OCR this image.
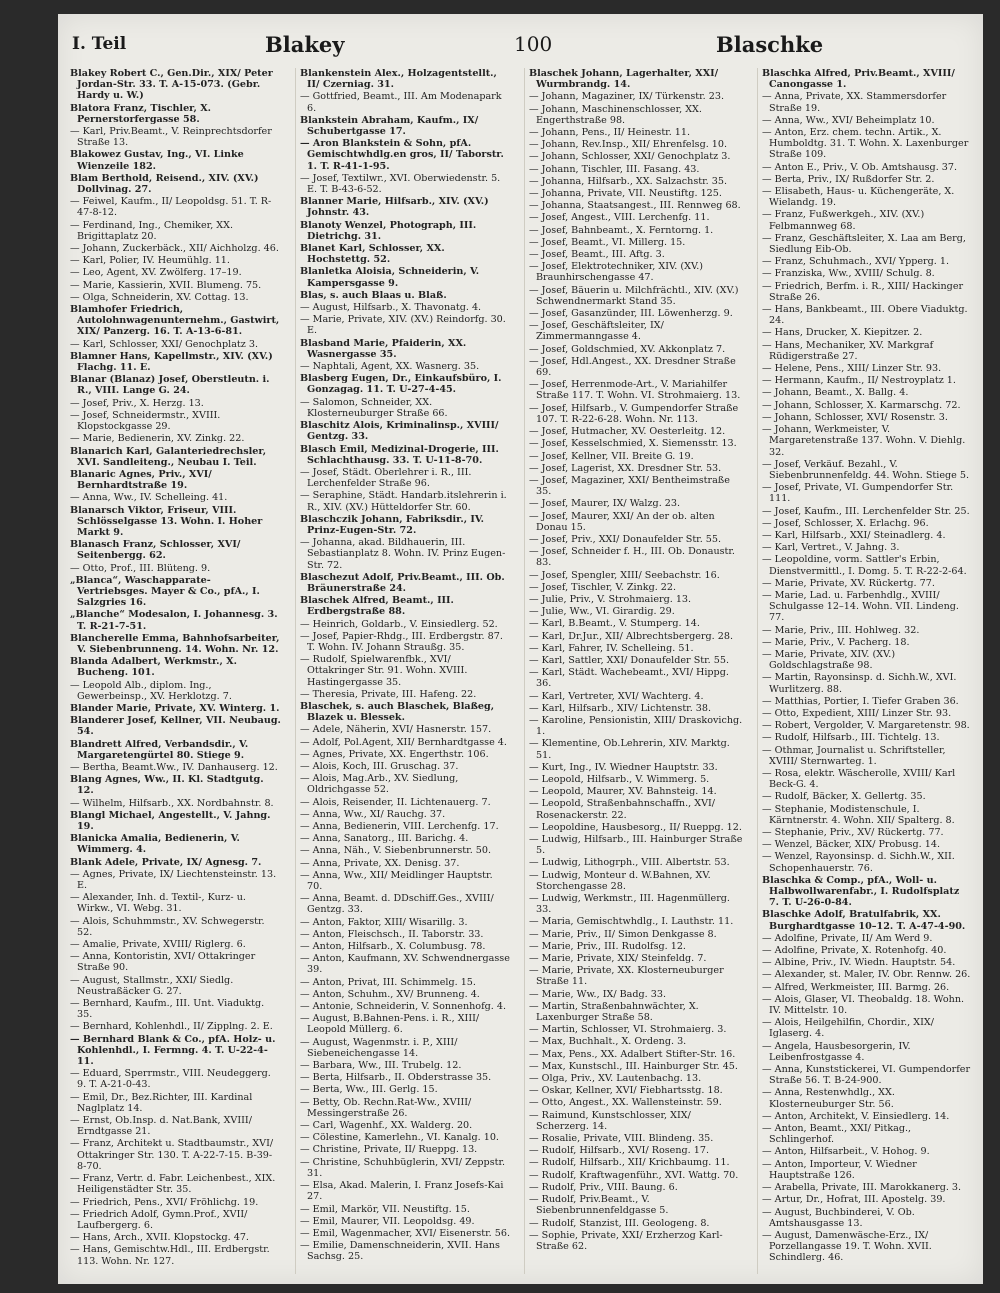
I. Teil	Blakey	100	Blaschke
Blakey Robert C., Gen.Dir., XIX/ Peter Jordan-Str. 33. T. A-15-073. (Gebr. Hardy u. W.)
Blatora Franz, Tischler, X. Pernerstorfergasse 58.
— Karl, Priv.Beamt., V. Reinprechtsdorfer Straße 13.
Blakowez Gustav, Ing., VI. Linke Wienzeile 182.
Blam Berthold, Reisend., XIV. (XV.) Dollvinag. 27.
— Feiwel, Kaufm., II/ Leopoldsg. 51. T. R-47-8-12.
— Ferdinand, Ing., Chemiker, XX. Brigittaplatz 20.
— Johann, Zuckerbäck., XII/ Aichholzg. 46.
— Karl, Polier, IV. Heumühlg. 11.
— Leo, Agent, XV. Zwölferg. 17–19.
— Marie, Kassierin, XVII. Blumeng. 75.
— Olga, Schneiderin, XV. Cottag. 13.
Blamhofer Friedrich, Autolohnwagenunternehm., Gastwirt, XIX/ Panzerg. 16. T. A-13-6-81.
— Karl, Schlosser, XXI/ Genochplatz 3.
Blamner Hans, Kapellmstr., XIV. (XV.) Flachg. 11. E.
Blanar (Blanaz) Josef, Oberstleutn. i. R., VIII. Lange G. 24.
— Josef, Priv., X. Herzg. 13.
— Josef, Schneidermstr., XVIII. Klopstockgasse 29.
— Marie, Bedienerin, XV. Zinkg. 22.
Blanarich Karl, Galanteriedrechsler, XVI. Sandleiteng., Neubau I. Teil.
Blanaric Agnes, Priv., XVI/ Bernhardtstraße 19.
— Anna, Ww., IV. Schelleing. 41.
Blanarsch Viktor, Friseur, VIII. Schlösselgasse 13. Wohn. I. Hoher Markt 9.
Blanasch Franz, Schlosser, XVI/ Seitenbergg. 62.
— Otto, Prof., III. Blüteng. 9.
„Blanca“, Waschapparate- Vertriebsges. Mayer & Co., pfA., I. Salzgries 16.
„Blanche“ Modesalon, I. Johannesg. 3. T. R-21-7-51.
Blancherelle Emma, Bahnhofsarbeiter, V. Siebenbrunneng. 14. Wohn. Nr. 12.
Blanda Adalbert, Werkmstr., X. Bucheng. 101.
— Leopold Alb., diplom. Ing., Gewerbeinsp., XV. Herklotzg. 7.
Blander Marie, Private, XV. Winterg. 1.
Blanderer Josef, Kellner, VII. Neubaug. 54.
Blandrett Alfred, Verbandsdir., V. Margaretengürtel 80. Stiege 9.
— Bertha, Beamt.Ww., IV. Danhauserg. 12.
Blang Agnes, Ww., II. Kl. Stadtgutg. 12.
— Wilhelm, Hilfsarb., XX. Nordbahnstr. 8.
Blangl Michael, Angestellt., V. Jahng. 19.
Blanicka Amalia, Bedienerin, V. Wimmerg. 4.
Blank Adele, Private, IX/ Agnesg. 7.
— Agnes, Private, IX/ Liechtensteinstr. 13. E.
— Alexander, Inh. d. Textil-, Kurz- u. Wirkw., VI. Webg. 31.
— Alois, Schuhmmstr., XV. Schwegerstr. 52.
— Amalie, Private, XVIII/ Riglerg. 6.
— Anna, Kontoristin, XVI/ Ottakringer Straße 90.
— August, Stallmstr., XXI/ Siedlg. Neustraßäcker G. 27.
— Bernhard, Kaufm., III. Unt. Viaduktg. 35.
— Bernhard, Kohlenhdl., II/ Zipplng. 2. E.
— Bernhard Blank & Co., pfA. Holz- u. Kohlenhdl., I. Fermng. 4. T. U-22-4-11.
— Eduard, Sperrmstr., VIII. Neudeggerg. 9. T. A-21-0-43.
— Emil, Dr., Bez.Richter, III. Kardinal Naglplatz 14.
— Ernst, Ob.Insp. d. Nat.Bank, XVIII/ Erndtgasse 21.
— Franz, Architekt u. Stadtbaumstr., XVI/ Ottakringer Str. 130. T. A-22-7-15. B-39-8-70.
— Franz, Vertr. d. Fabr. Leichenbest., XIX. Heiligenstädter Str. 35.
— Friedrich, Pens., XVI/ Fröhlichg. 19.
— Friedrich Adolf, Gymn.Prof., XVII/ Laufbergerg. 6.
— Hans, Arch., XVII. Klopstockg. 47.
— Hans, Gemischtw.Hdl., III. Erdbergstr. 113. Wohn. Nr. 127.
Blankenstein Alex., Holzagentstellt., II/ Czerniag. 31.
— Gottfried, Beamt., III. Am Modenapark 6.
Blankstein Abraham, Kaufm., IX/ Schubertgasse 17.
— Aron Blankstein & Sohn, pfA. Gemischtwhdlg.en gros, II/ Taborstr. 1. T. R-41-1-95.
— Josef, Textilwr., XVI. Oberwiedenstr. 5. E. T. B-43-6-52.
Blanner Marie, Hilfsarb., XIV. (XV.) Johnstr. 43.
Blanoty Wenzel, Photograph, III. Dietrichg. 31.
Blanet Karl, Schlosser, XX. Hochstettg. 52.
Blanletka Aloisia, Schneiderin, V. Kampersgasse 9.
Blas, s. auch Blaas u. Blaß.
— August, Hilfsarb., X. Thavonatg. 4.
— Marie, Private, XIV. (XV.) Reindorfg. 30. E.
Blasband Marie, Pfaiderin, XX. Wasnergasse 35.
— Naphtali, Agent, XX. Wasnerg. 35.
Blasberg Eugen, Dr., Einkaufsbüro, I. Gonzagag. 11. T. U-27-4-45.
— Salomon, Schneider, XX. Klosterneuburger Straße 66.
Blaschitz Alois, Kriminalinsp., XVIII/ Gentzg. 33.
Blasch Emil, Medizinal-Drogerie, III. Schlachthausg. 33. T. U-11-8-70.
— Josef, Städt. Oberlehrer i. R., III. Lerchenfelder Straße 96.
— Seraphine, Städt. Handarb.itslehrerin i. R., XIV. (XV.) Hütteldorfer Str. 60.
Blaschczik Johann, Fabriksdir., IV. Prinz-Eugen-Str. 72.
— Johanna, akad. Bildhauerin, III. Sebastianplatz 8. Wohn. IV. Prinz Eugen-Str. 72.
Blaschezut Adolf, Priv.Beamt., III. Ob. Bräunerstraße 24.
Blaschek Alfred, Beamt., III. Erdbergstraße 88.
— Heinrich, Goldarb., V. Einsiedlerg. 52.
— Josef, Papier-Rhdg., III. Erdbergstr. 87. T. Wohn. IV. Johann Straußg. 35.
— Rudolf, Spielwarenfbk., XVI/ Ottakringer Str. 91. Wohn. XVIII. Hastingergasse 35.
— Theresia, Private, III. Hafeng. 22.
Blaschek, s. auch Blaschek, Blaßeg, Blazek u. Blessek.
— Adele, Näherin, XVI/ Hasnerstr. 157.
— Adolf, Pol.Agent, XII/ Bernhardtgasse 4.
— Agnes, Private, XX. Engerthstr. 106.
— Alois, Koch, III. Gruschag. 37.
— Alois, Mag.Arb., XV. Siedlung, Oldrichgasse 52.
— Alois, Reisender, II. Lichtenauerg. 7.
— Anna, Ww., XI/ Rauchg. 37.
— Anna, Bedienerin, VIII. Lerchenfg. 17.
— Anna, Sanatorg., III. Barichg. 4.
— Anna, Näh., V. Siebenbrunnerstr. 50.
— Anna, Private, XX. Denisg. 37.
— Anna, Ww., XII/ Meidlinger Hauptstr. 70.
— Anna, Beamt. d. DDschiff.Ges., XVIII/ Gentzg. 33.
— Anton, Faktor, XIII/ Wisarillg. 3.
— Anton, Fleischsch., II. Taborstr. 33.
— Anton, Hilfsarb., X. Columbusg. 78.
— Anton, Kaufmann, XV. Schwendnergasse 39.
— Anton, Privat, III. Schimmelg. 15.
— Anton, Schuhm., XV/ Brunneng. 4.
— Antonie, Schneiderin, V. Sonnenhofg. 4.
— August, B.Bahnen-Pens. i. R., XIII/ Leopold Müllerg. 6.
— August, Wagenmstr. i. P., XIII/ Siebeneichengasse 14.
— Barbara, Ww., III. Trubelg. 12.
— Berta, Hilfsarb., II. Obderstrasse 35.
— Berta, Ww., III. Gerlg. 15.
— Betty, Ob. Rechn.Rat-Ww., XVIII/ Messingerstraße 26.
— Carl, Wagenhf., XX. Walderg. 20.
— Cölestine, Kamerlehn., VI. Kanalg. 10.
— Christine, Private, II/ Rueppg. 13.
— Christine, Schuhbüglerin, XVI/ Zeppstr. 31.
— Elsa, Akad. Malerin, I. Franz Josefs-Kai 27.
— Emil, Markör, VII. Neustiftg. 15.
— Emil, Maurer, VII. Leopoldsg. 49.
— Emil, Wagenmacher, XVI/ Eisenerstr. 56.
— Emilie, Damenschneiderin, XVII. Hans Sachsg. 25.
Blaschek Johann, Lagerhalter, XXI/ Wurmbrandg. 14.
— Johann, Magaziner, IX/ Türkenstr. 23.
— Johann, Maschinenschlosser, XX. Engerthstraße 98.
— Johann, Pens., II/ Heinestr. 11.
— Johann, Rev.Insp., XII/ Ehrenfelsg. 10.
— Johann, Schlosser, XXI/ Genochplatz 3.
— Johann, Tischler, III. Fasang. 43.
— Johanna, Hilfsarb., XX. Salzachstr. 35.
— Johanna, Private, VII. Neustiftg. 125.
— Johanna, Staatsangest., III. Rennweg 68.
— Josef, Angest., VIII. Lerchenfg. 11.
— Josef, Bahnbeamt., X. Ferntorng. 1.
— Josef, Beamt., VI. Millerg. 15.
— Josef, Beamt., III. Aftg. 3.
— Josef, Elektrotechniker, XIV. (XV.) Braunhirschengasse 47.
— Josef, Bäuerin u. Milchfrächtl., XIV. (XV.) Schwendnermarkt Stand 35.
— Josef, Gasanzünder, III. Löwenherzg. 9.
— Josef, Geschäftsleiter, IX/ Zimmermanngasse 4.
— Josef, Goldschmied, XV. Akkonplatz 7.
— Josef, Hdl.Angest., XX. Dresdner Straße 69.
— Josef, Herrenmode-Art., V. Mariahilfer Straße 117. T. Wohn. VI. Strohmaierg. 13.
— Josef, Hilfsarb., V. Gumpendorfer Straße 107. T. R-22-6-28. Wohn. Nr. 113.
— Josef, Hutmacher, XV. Oesterleitg. 12.
— Josef, Kesselschmied, X. Siemensstr. 13.
— Josef, Kellner, VII. Breite G. 19.
— Josef, Lagerist, XX. Dresdner Str. 53.
— Josef, Magaziner, XXI/ Bentheimstraße 35.
— Josef, Maurer, IX/ Walzg. 23.
— Josef, Maurer, XXI/ An der ob. alten Donau 15.
— Josef, Priv., XXI/ Donaufelder Str. 55.
— Josef, Schneider f. H., III. Ob. Donaustr. 83.
— Josef, Spengler, XIII/ Seebachstr. 16.
— Josef, Tischler, V. Zinkg. 22.
— Julie, Priv., V. Strohmaierg. 13.
— Julie, Ww., VI. Girardig. 29.
— Karl, B.Beamt., V. Stumperg. 14.
— Karl, Dr.Jur., XII/ Albrechtsbergerg. 28.
— Karl, Fahrer, IV. Schelleing. 51.
— Karl, Sattler, XXI/ Donaufelder Str. 55.
— Karl, Städt. Wachebeamt., XVI/ Hippg. 36.
— Karl, Vertreter, XVI/ Wachterg. 4.
— Karl, Hilfsarb., XIV/ Lichtenstr. 38.
— Karoline, Pensionistin, XIII/ Draskovichg. 1.
— Klementine, Ob.Lehrerin, XIV. Marktg. 51.
— Kurt, Ing., IV. Wiedner Hauptstr. 33.
— Leopold, Hilfsarb., V. Wimmerg. 5.
— Leopold, Maurer, XV. Bahnsteig. 14.
— Leopold, Straßenbahnschaffn., XVI/ Rosenackerstr. 22.
— Leopoldine, Hausbesorg., II/ Rueppg. 12.
— Ludwig, Hilfsarb., III. Hainburger Straße 5.
— Ludwig, Lithogrph., VIII. Albertstr. 53.
— Ludwig, Monteur d. W.Bahnen, XV. Storchengasse 28.
— Ludwig, Werkmstr., III. Hagenmüllerg. 33.
— Maria, Gemischtwhdlg., I. Lauthstr. 11.
— Marie, Priv., II/ Simon Denkgasse 8.
— Marie, Priv., III. Rudolfsg. 12.
— Marie, Private, XIX/ Steinfeldg. 7.
— Marie, Private, XX. Klosterneuburger Straße 11.
— Marie, Ww., IX/ Badg. 33.
— Martin, Straßenbahnwächter, X. Laxenburger Straße 58.
— Martin, Schlosser, VI. Strohmaierg. 3.
— Max, Buchhalt., X. Ordeng. 3.
— Max, Pens., XX. Adalbert Stifter-Str. 16.
— Max, Kunstschl., III. Hainburger Str. 45.
— Olga, Priv., XV. Lautenbachg. 13.
— Oskar, Kellner, XVI/ Fiebhartsstg. 18.
— Otto, Angest., XX. Wallensteinstr. 59.
— Raimund, Kunstschlosser, XIX/ Scherzerg. 14.
— Rosalie, Private, VIII. Blindeng. 35.
— Rudolf, Hilfsarb., XVI/ Roseng. 17.
— Rudolf, Hilfsarb., XII/ Krichbaumg. 11.
— Rudolf, Kraftwagenführ., XVI. Wattg. 70.
— Rudolf, Priv., VIII. Baung. 6.
— Rudolf, Priv.Beamt., V. Siebenbrunnenfeldgasse 5.
— Rudolf, Stanzist, III. Geologeng. 8.
— Sophie, Private, XXI/ Erzherzog Karl-Straße 62.
Blaschka Alfred, Priv.Beamt., XVIII/ Canongasse 1.
— Anna, Private, XX. Stammersdorfer Straße 19.
— Anna, Ww., XVI/ Beheimplatz 10.
— Anton, Erz. chem. techn. Artik., X. Humboldtg. 31. T. Wohn. X. Laxenburger Straße 109.
— Anton E., Priv., V. Ob. Amtshausg. 37.
— Berta, Priv., IX/ Rußdorfer Str. 2.
— Elisabeth, Haus- u. Küchengeräte, X. Wielandg. 19.
— Franz, Fußwerkgeh., XIV. (XV.) Felbmannweg 68.
— Franz, Geschäftsleiter, X. Laa am Berg, Siedlung Eib-Ob.
— Franz, Schuhmach., XVI/ Ypperg. 1.
— Franziska, Ww., XVIII/ Schulg. 8.
— Friedrich, Berfm. i. R., XIII/ Hackinger Straße 26.
— Hans, Bankbeamt., III. Obere Viaduktg. 24.
— Hans, Drucker, X. Kiepitzer. 2.
— Hans, Mechaniker, XV. Markgraf Rüdigerstraße 27.
— Helene, Pens., XIII/ Linzer Str. 93.
— Hermann, Kaufm., II/ Nestroyplatz 1.
— Johann, Beamt., X. Ballg. 4.
— Johann, Schlosser, X. Karmarschg. 72.
— Johann, Schlosser, XVI/ Rosenstr. 3.
— Johann, Werkmeister, V. Margaretenstraße 137. Wohn. V. Diehlg. 32.
— Josef, Verkäuf. Bezahl., V. Siebenbrunnenfeldg. 44. Wohn. Stiege 5.
— Josef, Private, VI. Gumpendorfer Str. 111.
— Josef, Kaufm., III. Lerchenfelder Str. 25.
— Josef, Schlosser, X. Erlachg. 96.
— Karl, Hilfsarb., XXI/ Steinadlerg. 4.
— Karl, Vertret., V. Jahng. 3.
— Leopoldine, vorm. Sattler's Erbin, Dienstvermittl., I. Domg. 5. T. R-22-2-64.
— Marie, Private, XV. Rückertg. 77.
— Marie, Lad. u. Farbenhdlg., XVIII/ Schulgasse 12–14. Wohn. VII. Lindeng. 77.
— Marie, Priv., III. Hohlweg. 32.
— Marie, Priv., V. Pacherg. 18.
— Marie, Private, XIV. (XV.) Goldschlagstraße 98.
— Martin, Rayonsinsp. d. Sichh.W., XVI. Wurlitzerg. 88.
— Matthias, Portier, I. Tiefer Graben 36.
— Otto, Expedient, XIII/ Linzer Str. 93.
— Robert, Vergolder, V. Margaretenstr. 98.
— Rudolf, Hilfsarb., III. Tichtelg. 13.
— Othmar, Journalist u. Schriftsteller, XVIII/ Sternwarteg. 1.
— Rosa, elektr. Wäscherolle, XVIII/ Karl Beck-G. 4.
— Rudolf, Bäcker, X. Gellertg. 35.
— Stephanie, Modistenschule, I. Kärntnerstr. 4. Wohn. XII/ Spalterg. 8.
— Stephanie, Priv., XV/ Rückertg. 77.
— Wenzel, Bäcker, XIX/ Probusg. 14.
— Wenzel, Rayonsinsp. d. Sichh.W., XII. Schopenhauerstr. 76.
Blaschka & Comp., pfA., Woll- u. Halbwollwarenfabr., I. Rudolfsplatz 7. T. U-26-0-84.
Blaschke Adolf, Bratulfabrik, XX. Burghardtgasse 10–12. T. A-47-4-90.
— Adolfine, Private, II/ Am Werd 9.
— Adolfine, Private, X. Rotenhofg. 40.
— Albine, Priv., IV. Wiedn. Hauptstr. 54.
— Alexander, st. Maler, IV. Obr. Rennw. 26.
— Alfred, Werkmeister, III. Barmg. 26.
— Alois, Glaser, VI. Theobaldg. 18. Wohn. IV. Mittelstr. 10.
— Alois, Heilgehilfin, Chordir., XIX/ Iglaserg. 4.
— Angela, Hausbesorgerin, IV. Leibenfrostgasse 4.
— Anna, Kunststickerei, VI. Gumpendorfer Straße 56. T. B-24-900.
— Anna, Restenwhdlg., XX. Klosterneuburger Str. 56.
— Anton, Architekt, V. Einsiedlerg. 14.
— Anton, Beamt., XXI/ Pitkag., Schlingerhof.
— Anton, Hilfsarbeit., V. Hohog. 9.
— Anton, Importeur, V. Wiedner Hauptstraße 126.
— Arabella, Private, III. Marokkanerg. 3.
— Artur, Dr., Hofrat, III. Apostelg. 39.
— August, Buchbinderei, V. Ob. Amtshausgasse 13.
— August, Damenwäsche-Erz., IX/ Porzellangasse 19. T. Wohn. XVII. Schindlerg. 46.
